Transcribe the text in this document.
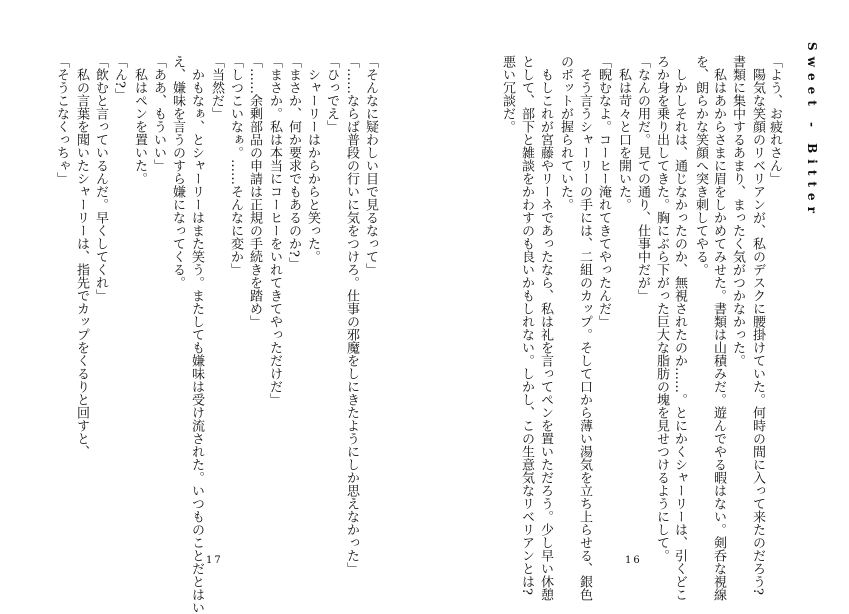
Sweet - Bitter
「よう、お疲れさん」
陽気な笑顔のリベリアンが、私のデスクに腰掛けていた。何時の間に入って来たのだろう?
書類に集中するあまり、まったく気がつかなかった。
私はあからさまに眉をしかめてみせた。書類は山積みだ。遊んでやる暇はない。剣呑な視線
を、朗らかな笑顔へ突き刺してやる。
しかしそれは、通じなかったのか、無視されたのか……。とにかくシャーリーは、引くどこ
ろか身を乗り出してきた。胸にぶら下がった巨大な脂肪の塊を見せつけるようにして。
「なんの用だ。見ての通り、仕事中だが」
私は苛々と口を開いた。
「睨むなよ。コーヒー淹れてきてやったんだ」
そう言うシャーリーの手には、二組のカップ。そして口から薄い湯気を立ち上らせる、銀色
のポットが握られていた。
もしこれが宮藤やリーネであったなら、私は礼を言ってペンを置いただろう。少し早い休憩
として、部下と雑談をかわすのも良いかもしれない。しかし、この生意気なリベリアンとは?
悪い冗談だ。
「そんなに疑わしい目で見るなって」
「……ならば普段の行いに気をつけろ。仕事の邪魔をしにきたようにしか思えなかった」
「ひっでえ」
シャーリーはからからと笑った。
「まさか、何か要求でもあるのか?」
「まさか。私は本当にコーヒーをいれてきてやっただけだ」
「……余剰部品の申請は正規の手続きを踏め」
「しつこいなぁ。……そんなに変か」
「当然だ」
かもなぁ、とシャーリーはまた笑う。またしても嫌味は受け流された。いつものことだとはい
え、嫌味を言うのすら嫌になってくる。
「ああ、もういい」
私はペンを置いた。
「ん?」
「飲むと言っているんだ。早くしてくれ」
私の言葉を聞いたシャーリーは、指先でカップをくるりと回すと、
「そうこなくっちゃ」
16
17
